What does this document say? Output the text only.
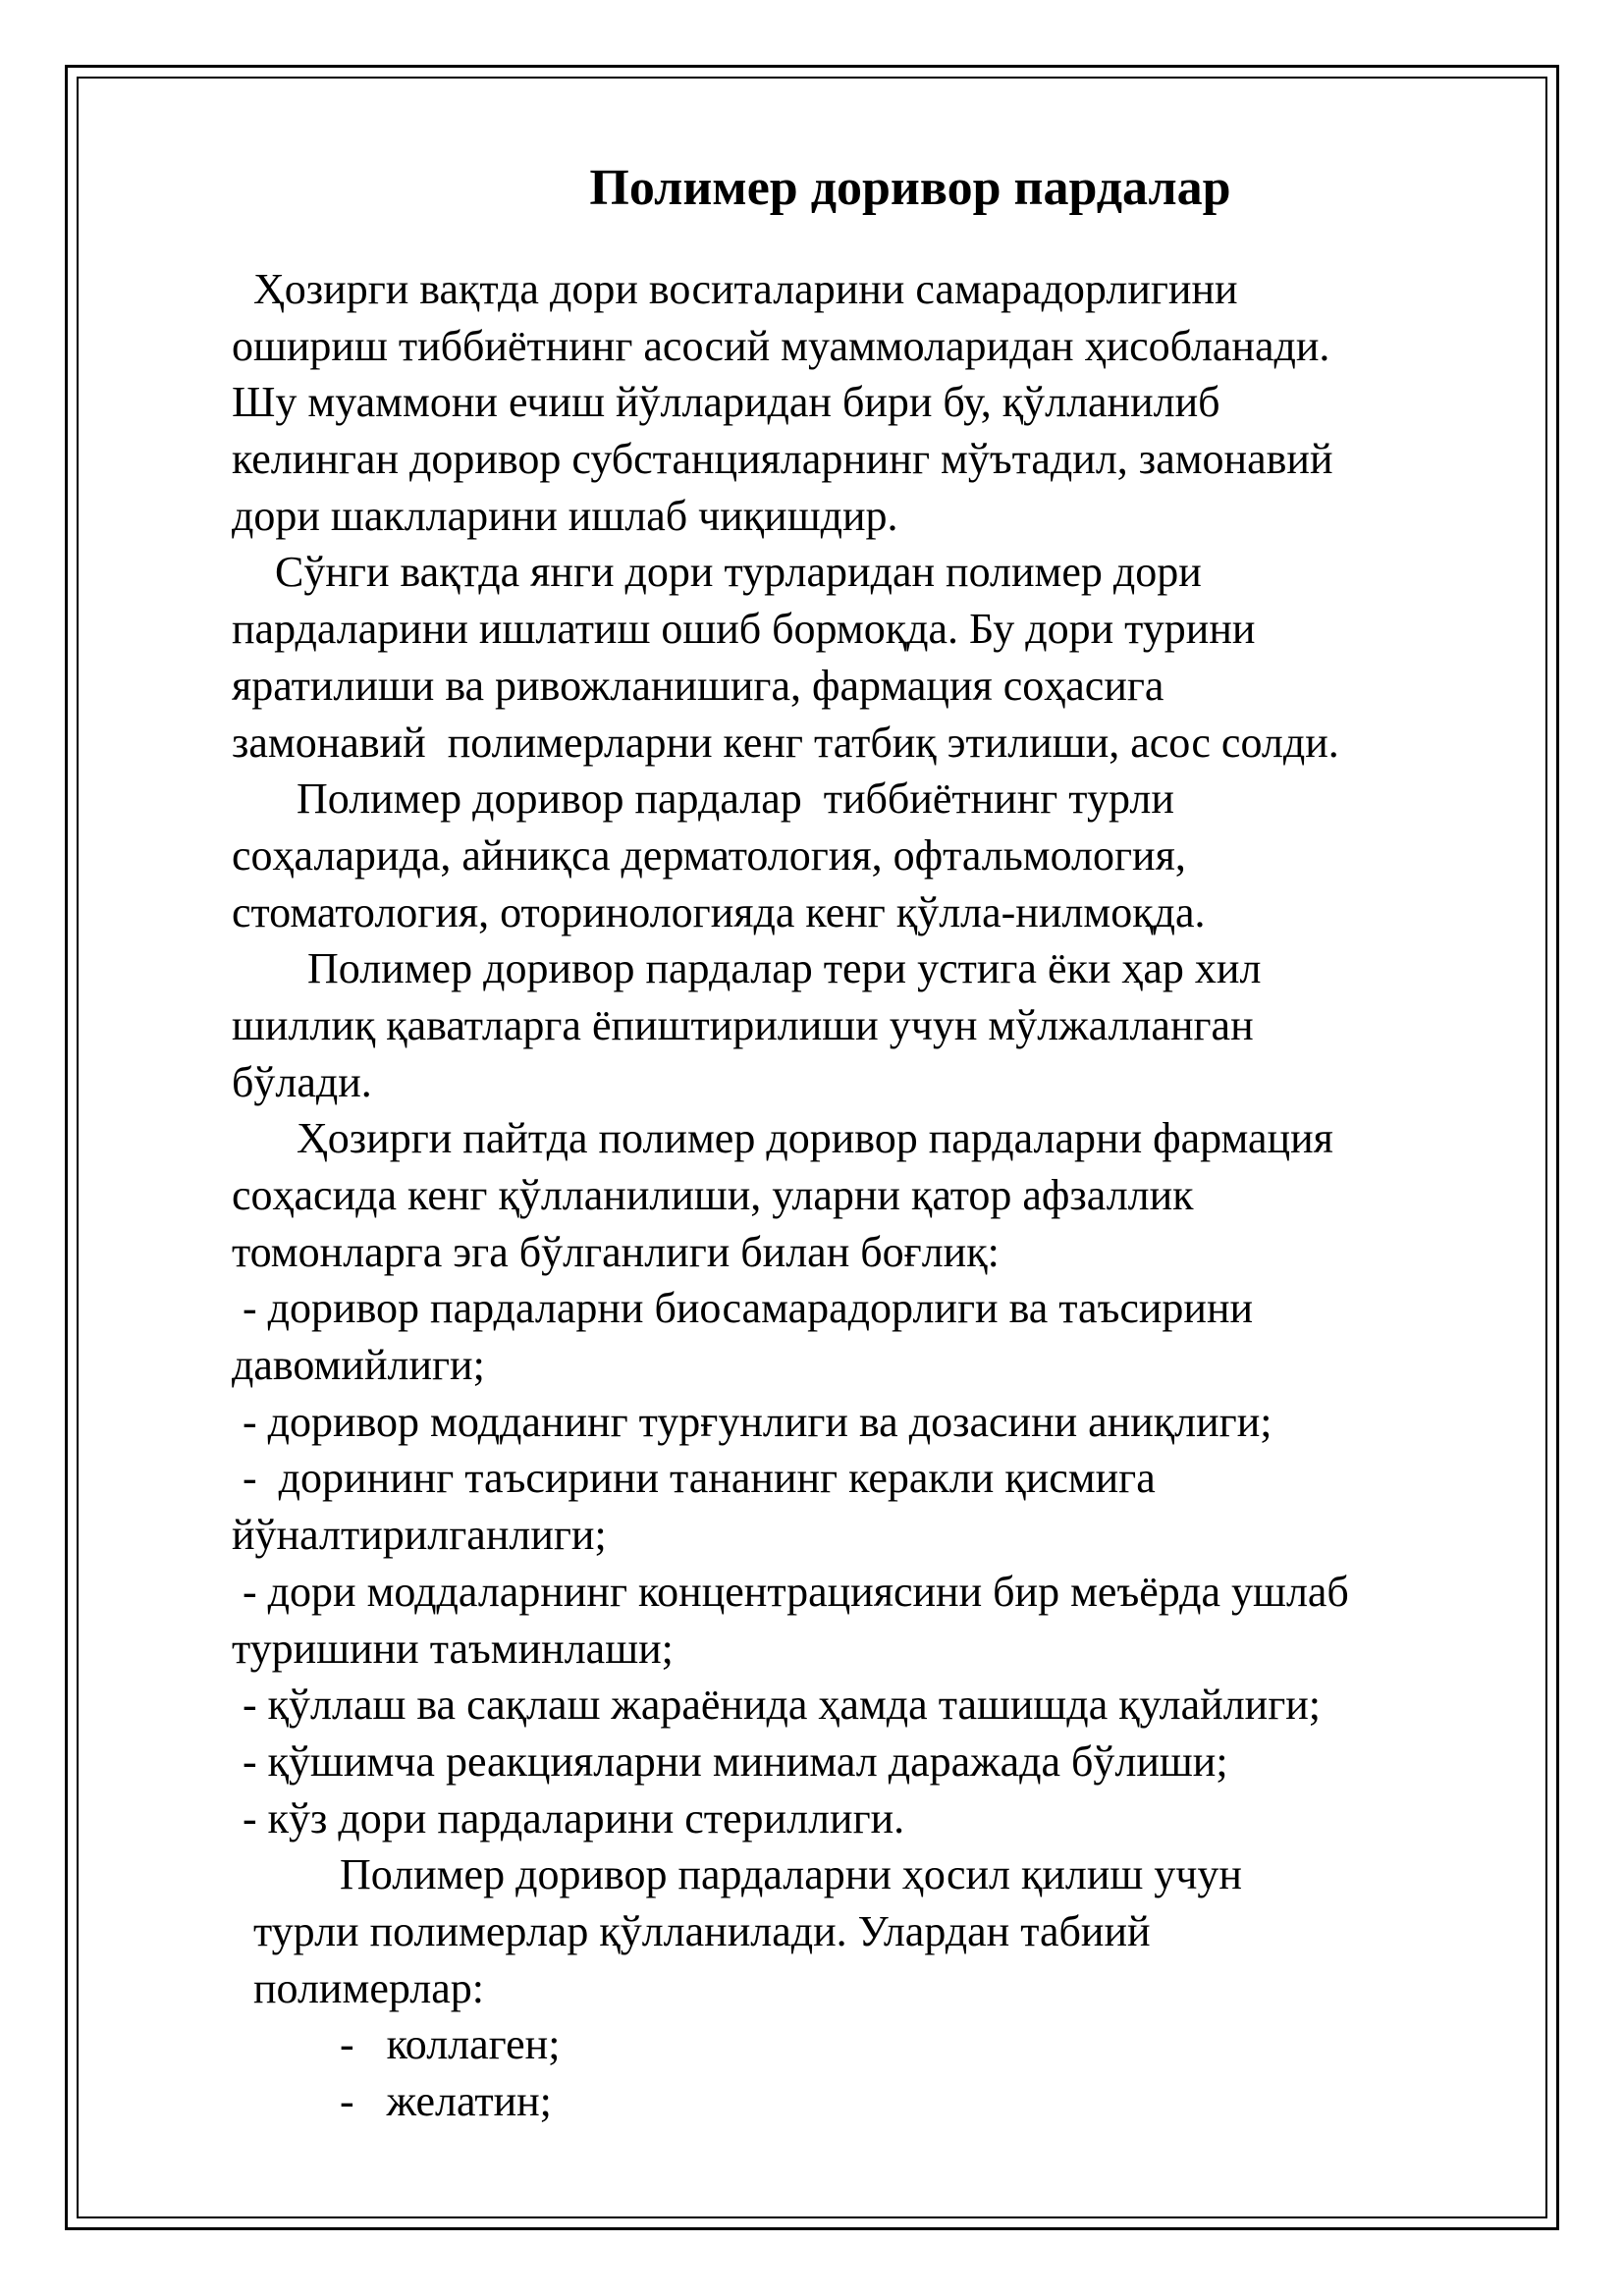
Полимер доривор пардалар
Ҳозирги вақтда дори воситаларини самарадорлигини
ошириш тиббиётнинг асосий муаммоларидан ҳисобланади.
Шу муаммони ечиш йўлларидан бири бу, қўлланилиб
келинган доривор субстанцияларнинг мўътадил, замонавий
дори шаклларини ишлаб чиқишдир.
Сўнги вақтда янги дори турларидан полимер дори
пардаларини ишлатиш ошиб бормоқда. Бу дори турини
яратилиши ва ривожланишига, фармация соҳасига
замонавий  полимерларни кенг татбиқ этилиши, асос солди.
Полимер доривор пардалар  тиббиётнинг турли
соҳаларида, айниқса дерматология, офтальмология,
стоматология, оторинологияда кенг қўлла-нилмоқда.
Полимер доривор пардалар тери устига ёки ҳар хил
шиллиқ қаватларга ёпиштирилиши учун мўлжалланган
бўлади.
Ҳозирги пайтда полимер доривор пардаларни фармация
соҳасида кенг қўлланилиши, уларни қатор афзаллик
томонларга эга бўлганлиги билан боғлиқ:
- доривор пардаларни биосамарадорлиги ва таъсирини
давомийлиги;
- доривор модданинг турғунлиги ва дозасини аниқлиги;
-  дорининг таъсирини тананинг керакли қисмига
йўналтирилганлиги;
- дори моддаларнинг концентрациясини бир меъёрда ушлаб
туришини таъминлаши;
- қўллаш ва сақлаш жараёнида ҳамда ташишда қулайлиги;
- қўшимча реакцияларни минимал даражада бўлиши;
- кўз дори пардаларини стериллиги.
Полимер доривор пардаларни ҳосил қилиш учун
турли полимерлар қўлланилади. Улардан табиий
полимерлар:
-   коллаген;
-   желатин;
